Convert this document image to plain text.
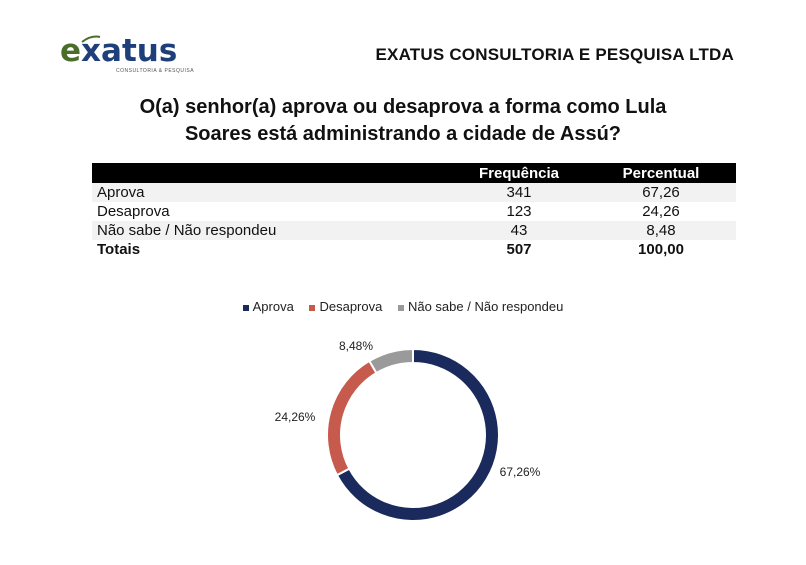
exatus
CONSULTORIA & PESQUISA
EXATUS CONSULTORIA E PESQUISA LTDA
O(a) senhor(a) aprova ou desaprova a forma como Lula
Soares está administrando a cidade de Assú?
	Frequência	Percentual
Aprova	341	67,26
Desaprova	123	24,26
Não sabe / Não respondeu	43	8,48
Totais	507	100,00
Aprova Desaprova Não sabe / Não respondeu
67,26%
24,26%
8,48%
